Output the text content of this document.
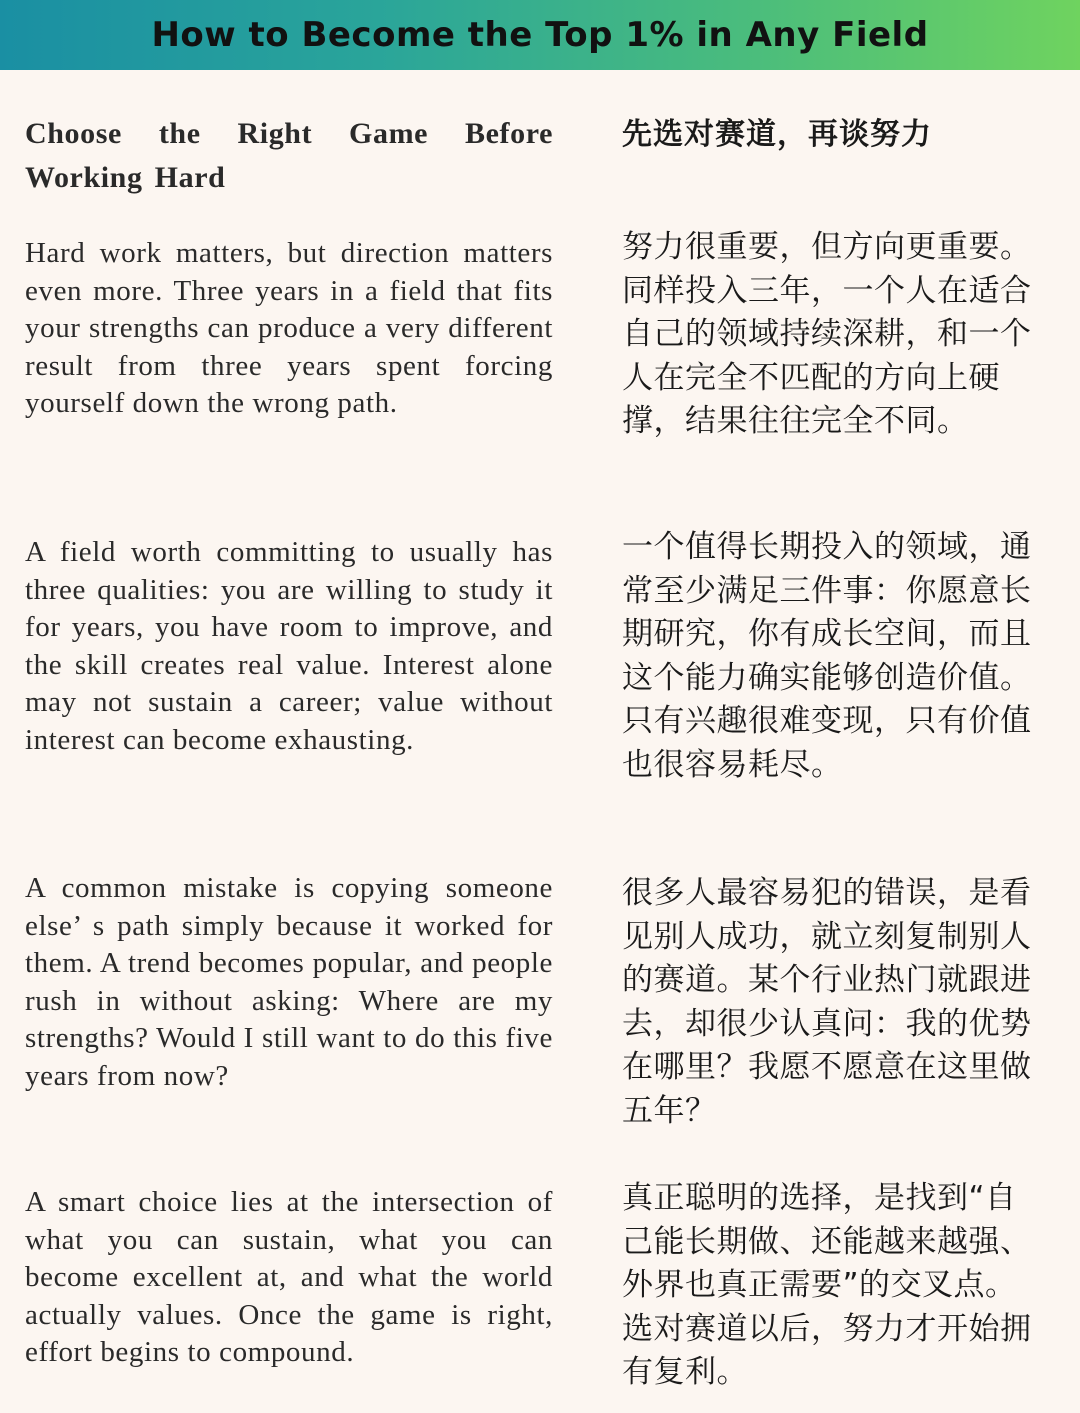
How to Become the Top 1% in Any Field

Choose the Right Game Before Working Hard

先选对赛道，再谈努力

Hard work matters, but direction matters even more. Three years in a field that fits your strengths can produce a very different result from three years spent forcing yourself down the wrong path.

努力很重要，但方向更重要。同样投入三年，一个人在适合自己的领域持续深耕，和一个人在完全不匹配的方向上硬撑，结果往往完全不同。

A field worth committing to usually has three qualities: you are willing to study it for years, you have room to improve, and the skill creates real value. Interest alone may not sustain a career; value without interest can become exhausting.

一个值得长期投入的领域，通常至少满足三件事：你愿意长期研究，你有成长空间，而且这个能力确实能够创造价值。只有兴趣很难变现，只有价值也很容易耗尽。

A common mistake is copying someone else’ s path simply because it worked for them. A trend becomes popular, and people rush in without asking: Where are my strengths? Would I still want to do this five years from now?

很多人最容易犯的错误，是看见别人成功，就立刻复制别人的赛道。某个行业热门就跟进去，却很少认真问：我的优势在哪里？我愿不愿意在这里做五年？

A smart choice lies at the intersection of what you can sustain, what you can become excellent at, and what the world actually values. Once the game is right, effort begins to compound.

真正聪明的选择，是找到“自己能长期做、还能越来越强、外界也真正需要”的交叉点。选对赛道以后，努力才开始拥有复利。
